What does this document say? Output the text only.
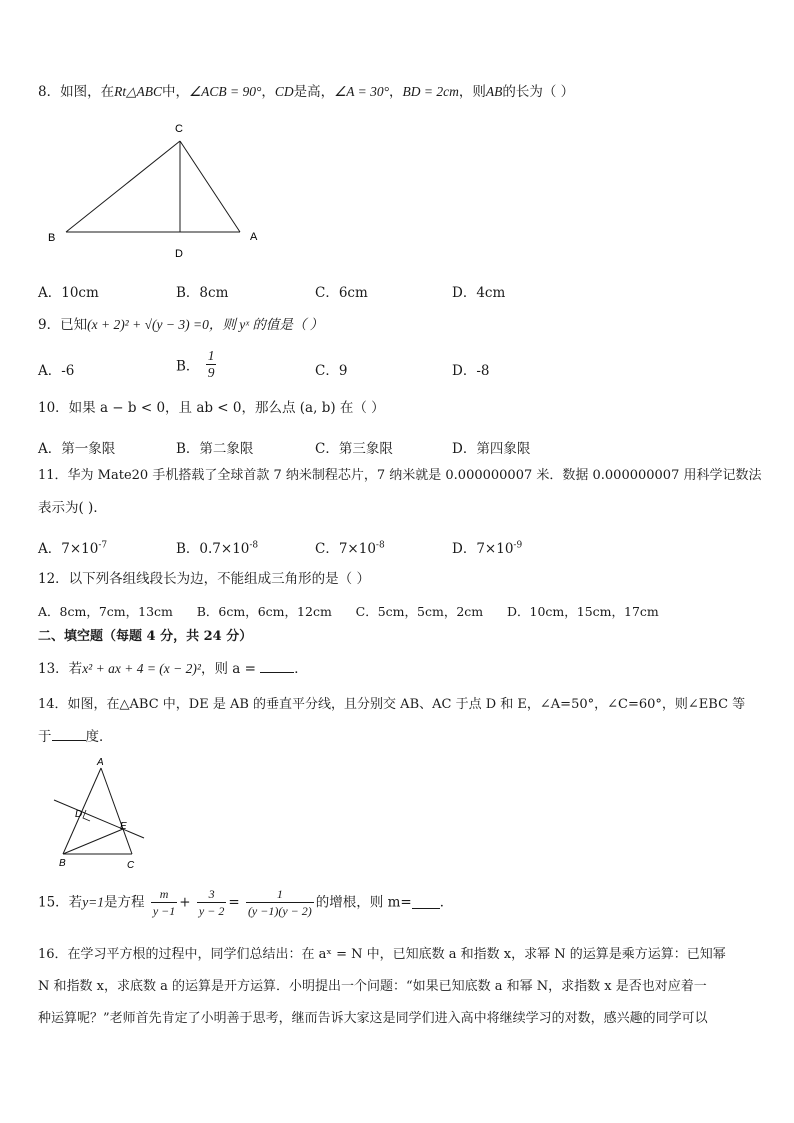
8．如图，在Rt△ABC中，∠ACB = 90°，CD是高，∠A = 30°，BD = 2cm，则AB的长为（ ）
C
B
D
A
A．10cm	B．8cm	C．6cm	D．4cm
9．已知(x + 2)² + √(y − 3) =0，则 yˣ 的值是（ ）
A．-6	B． $\frac{1}{9}$	C．9	D．-8
10．如果 a − b < 0，且 ab < 0，那么点 (a, b) 在（ ）
A．第一象限	B．第二象限	C．第三象限	D．第四象限
11．华为 Mate20 手机搭载了全球首款 7 纳米制程芯片，7 纳米就是 0.000000007 米．数据 0.000000007 用科学记数法
表示为( )．
A．$7\times 10^{-7}$	B．$0.7\times 10^{-8}$	C．$7\times 10^{-8}$	D．$7\times 10^{-9}$
12．以下列各组线段长为边，不能组成三角形的是（ ）
A．8cm，7cm，13cm      B．6cm，6cm，12cm      C．5cm，5cm，2cm      D．10cm，15cm，17cm
二、填空题（每题 4 分，共 24 分）
13．若x² + ax + 4 = (x − 2)²，则 a =	．
14．如图，在△ABC 中，DE 是 AB 的垂直平分线，且分别交 AB、AC 于点 D 和 E，∠A=50°，∠C=60°，则∠EBC 等
于	度．
A
D
E
B	C
15．若y=1是方程 $\frac{m}{y -1} + \frac{3}{y - 2} = \frac{1}{(y -1)(y - 2)}$ 的增根，则 m= ．
16．在学习平方根的过程中，同学们总结出：在 aˣ = N 中，已知底数 a 和指数 x，求幂 N 的运算是乘方运算：已知幂
N 和指数 x，求底数 a 的运算是开方运算．小明提出一个问题：“如果已知底数 a 和幂 N，求指数 x 是否也对应着一
种运算呢？”老师首先肯定了小明善于思考，继而告诉大家这是同学们进入高中将继续学习的对数，感兴趣的同学可以
